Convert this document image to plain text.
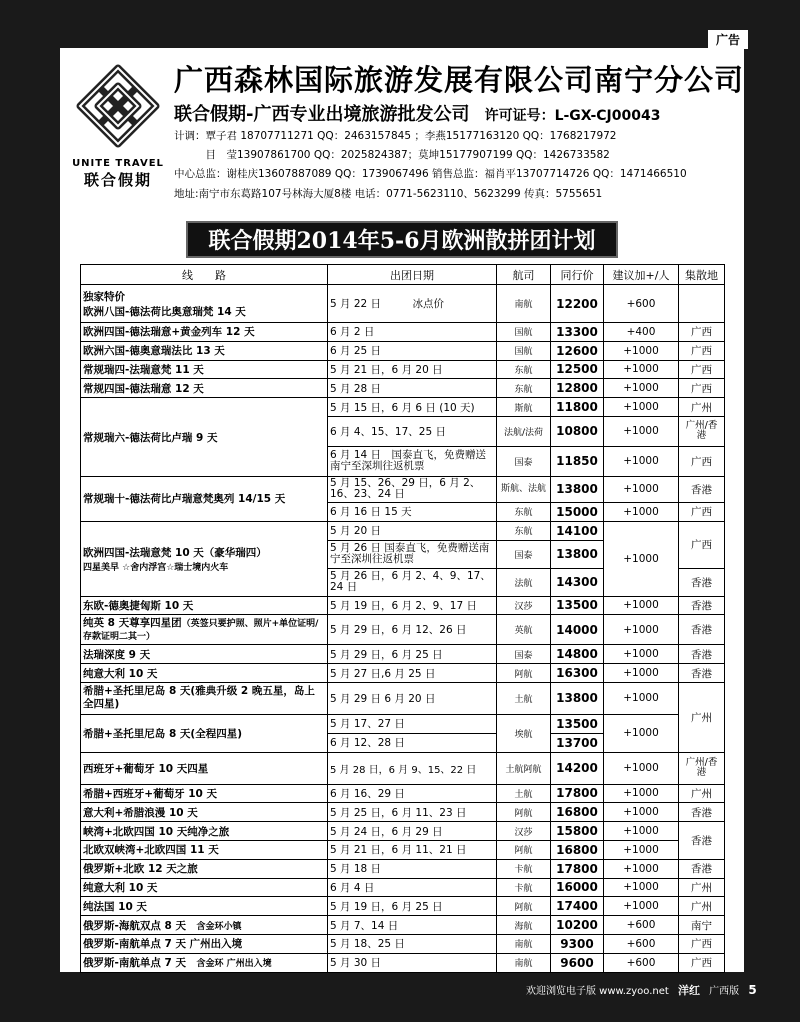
广告
UNITE TRAVEL
联合假期
广西森林国际旅游发展有限公司南宁分公司
联合假期-广西专业出境旅游批发公司 许可证号：L-GX-CJ00043
计调：覃子君 18707711271 QQ：2463157845 ；李燕15177163120 QQ：1768217972
　　　目　莹13907861700 QQ：2025824387；莫坤15177907199 QQ：1426733582
中心总监：谢桂庆13607887089 QQ：1739067496 销售总监：福肖平13707714726 QQ：1471466510
地址:南宁市东葛路107号林海大厦8楼 电话：0771-5623110、5623299 传真：5755651
联合假期2014年5-6月欧洲散拼团计划
线　　路	出团日期	航司	同行价	建议加+/人	集散地

独家特价
欧洲八国-德法荷比奥意瑞梵 14 天	5 月 22 日　　　冰点价	南航	12200	+600	
欧洲四国-德法瑞意+黄金列车 12 天	6 月 2 日	国航	13300	+400	广西
欧洲六国-德奥意瑞法比 13 天	6 月 25 日	国航	12600	+1000	广西
常规瑞四-法瑞意梵 11 天	5 月 21 日，6 月 20 日	东航	12500	+1000	广西
常规四国-德法瑞意 12 天	5 月 28 日	东航	12800	+1000	广西
常规瑞六-德法荷比卢瑞 9 天	5 月 15 日，6 月 6 日 (10 天)	斯航	11800	+1000	广州
	6 月 4、15、17、25 日	法航/法荷	10800	+1000	广州/香港
	6 月 14 日　国泰直飞，免费赠送南宁至深圳往返机票	国泰	11850	+1000	广西
常规瑞十-德法荷比卢瑞意梵奥列 14/15 天	5 月 15、26、29 日，6 月 2、16、23、24 日	斯航、法航	13800	+1000	香港
	6 月 16 日 15 天	东航	15000	+1000	广西

欧洲四国-法瑞意梵 10 天（豪华瑞四）
四星美早 ☆舍内浮宫☆瑞士境内火车	5 月 20 日	东航	14100	+1000	广西
	5 月 26 日 国泰直飞，免费赠送南宁至深圳往返机票	国泰	13800		
	5 月 26 日，6 月 2、4、9、17、24 日	法航	14300		香港
东欧-德奥捷匈斯 10 天	5 月 19 日，6 月 2、9、17 日	汉莎	13500	+1000	香港
纯英 8 天尊享四星团（英签只要护照、照片+单位证明/存款证明二其一）	5 月 29 日，6 月 12、26 日	英航	14000	+1000	香港
法瑞深度 9 天	5 月 29 日，6 月 25 日	国泰	14800	+1000	香港
纯意大利 10 天	5 月 27 日,6 月 25 日	阿航	16300	+1000	香港
希腊+圣托里尼岛 8 天(雅典升级 2 晚五星，岛上全四星)	5 月 29 日 6 月 20 日	土航	13800	+1000	广州
希腊+圣托里尼岛 8 天(全程四星)	5 月 17、27 日	埃航	13500	+1000	
	6 月 12、28 日		13700		
西班牙+葡萄牙 10 天四星	5 月 28 日，6 月 9、15、22 日	土航阿航	14200	+1000	广州/香港
希腊+西班牙+葡萄牙 10 天	6 月 16、29 日	土航	17800	+1000	广州
意大利+希腊浪漫 10 天	5 月 25 日，6 月 11、23 日	阿航	16800	+1000	香港
峡湾+北欧四国 10 天纯净之旅	5 月 24 日，6 月 29 日	汉莎	15800	+1000	香港
北欧双峡湾+北欧四国 11 天	5 月 21 日，6 月 11、21 日	阿航	16800	+1000	
俄罗斯+北欧 12 天之旅	5 月 18 日	卡航	17800	+1000	香港
纯意大利 10 天	6 月 4 日	卡航	16000	+1000	广州
纯法国 10 天	5 月 19 日，6 月 25 日	阿航	17400	+1000	广州
俄罗斯-海航双点 8 天　 含金环小镇	5 月 7、14 日	海航	10200	+600	南宁
俄罗斯-南航单点 7 天 广州出入境	5 月 18、25 日	南航	9300	+600	广西
俄罗斯-南航单点 7 天　 含金环 广州出入境	5 月 30 日	南航	9600	+600	广西
欢迎浏览电子版 www.zyoo.net 洋红 广西版 5
